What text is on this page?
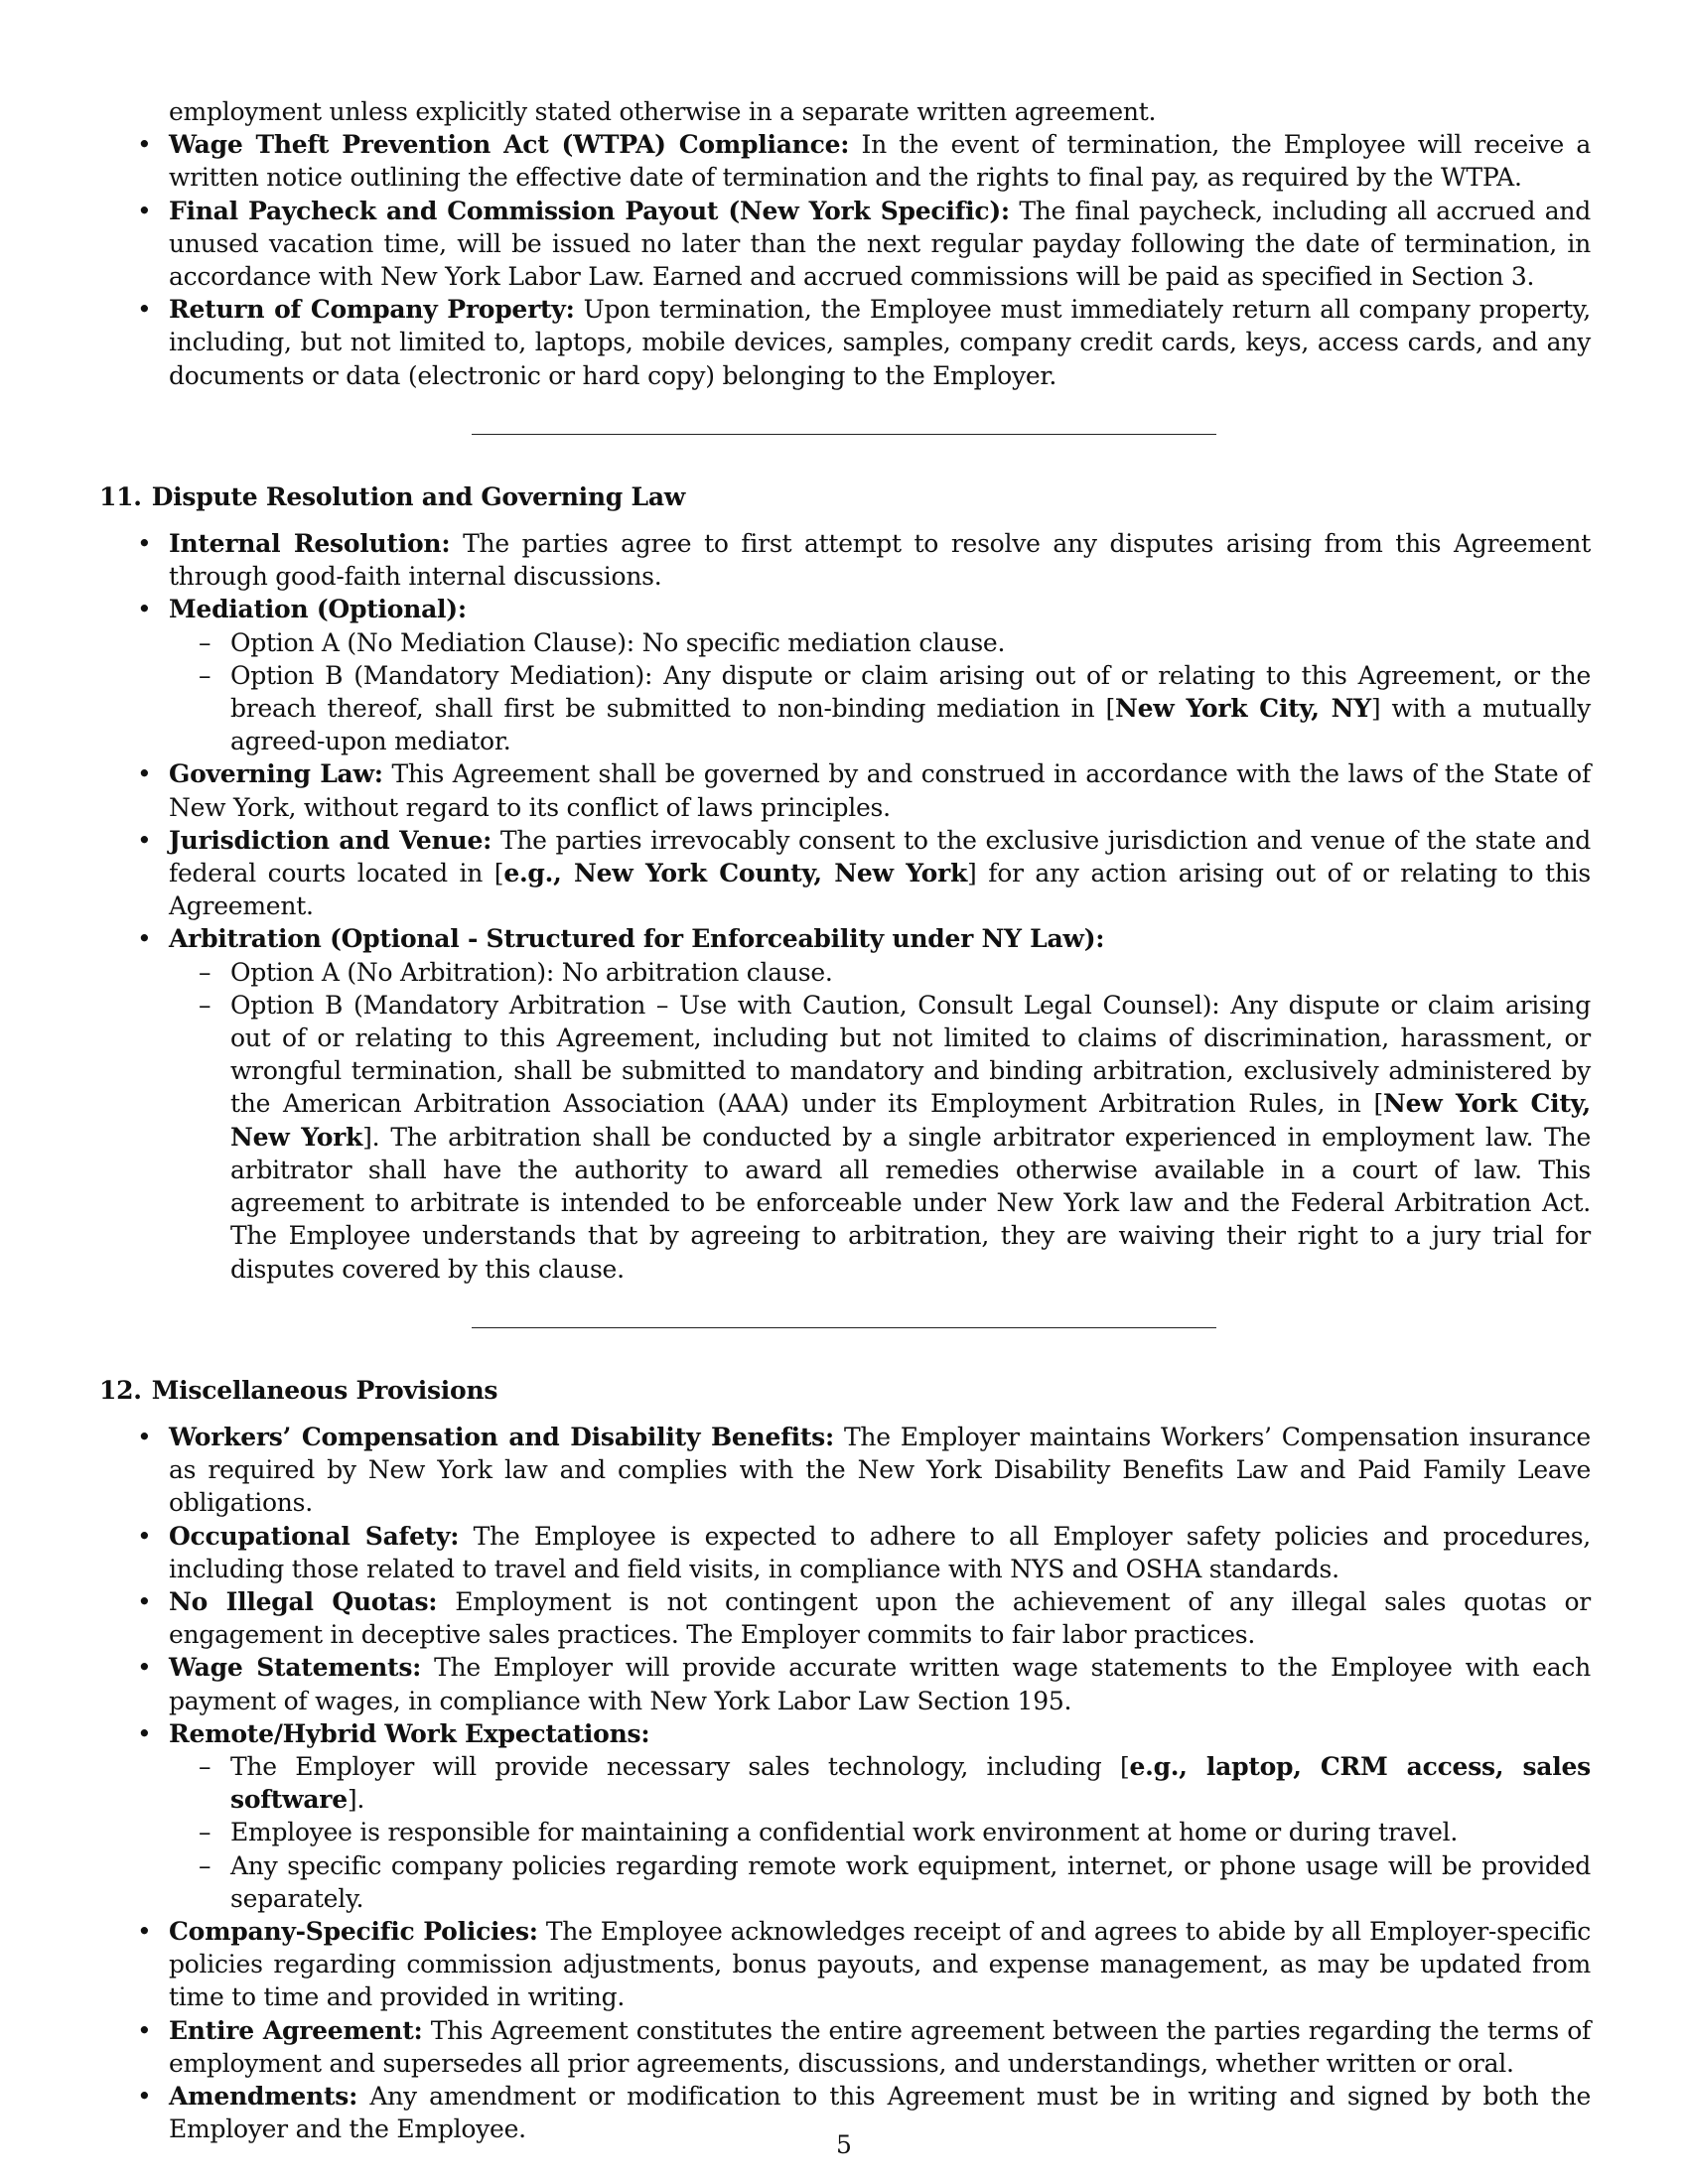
employment unless explicitly stated otherwise in a separate written agreement.
• Wage Theft Prevention Act (WTPA) Compliance: In the event of termination, the Employee will receive a written notice outlining the effective date of termination and the rights to final pay, as required by the WTPA.
• Final Paycheck and Commission Payout (New York Specific): The final paycheck, including all accrued and unused vacation time, will be issued no later than the next regular payday following the date of termination, in accordance with New York Labor Law. Earned and accrued commissions will be paid as specified in Section 3.
• Return of Company Property: Upon termination, the Employee must immediately return all company property, including, but not limited to, laptops, mobile devices, samples, company credit cards, keys, access cards, and any documents or data (electronic or hard copy) belonging to the Employer.
11. Dispute Resolution and Governing Law
• Internal Resolution: The parties agree to first attempt to resolve any disputes arising from this Agreement through good-faith internal discussions.
• Mediation (Optional):
– Option A (No Mediation Clause): No specific mediation clause.
– Option B (Mandatory Mediation): Any dispute or claim arising out of or relating to this Agreement, or the breach thereof, shall first be submitted to non-binding mediation in [New York City, NY] with a mutually agreed-upon mediator.
• Governing Law: This Agreement shall be governed by and construed in accordance with the laws of the State of New York, without regard to its conflict of laws principles.
• Jurisdiction and Venue: The parties irrevocably consent to the exclusive jurisdiction and venue of the state and federal courts located in [e.g., New York County, New York] for any action arising out of or relating to this Agreement.
• Arbitration (Optional - Structured for Enforceability under NY Law):
– Option A (No Arbitration): No arbitration clause.
– Option B (Mandatory Arbitration – Use with Caution, Consult Legal Counsel): Any dispute or claim arising out of or relating to this Agreement, including but not limited to claims of discrimination, harassment, or wrongful termination, shall be submitted to mandatory and binding arbitration, exclusively administered by the American Arbitration Association (AAA) under its Employment Arbitration Rules, in [New York City, New York]. The arbitration shall be conducted by a single arbitrator experienced in employment law. The arbitrator shall have the authority to award all remedies otherwise available in a court of law. This agreement to arbitrate is intended to be enforceable under New York law and the Federal Arbitration Act. The Employee understands that by agreeing to arbitration, they are waiving their right to a jury trial for disputes covered by this clause.
12. Miscellaneous Provisions
• Workers’ Compensation and Disability Benefits: The Employer maintains Workers’ Compensation insurance as required by New York law and complies with the New York Disability Benefits Law and Paid Family Leave obligations.
• Occupational Safety: The Employee is expected to adhere to all Employer safety policies and procedures, including those related to travel and field visits, in compliance with NYS and OSHA standards.
• No Illegal Quotas: Employment is not contingent upon the achievement of any illegal sales quotas or engagement in deceptive sales practices. The Employer commits to fair labor practices.
• Wage Statements: The Employer will provide accurate written wage statements to the Employee with each payment of wages, in compliance with New York Labor Law Section 195.
• Remote/Hybrid Work Expectations:
– The Employer will provide necessary sales technology, including [e.g., laptop, CRM access, sales software].
– Employee is responsible for maintaining a confidential work environment at home or during travel.
– Any specific company policies regarding remote work equipment, internet, or phone usage will be provided separately.
• Company-Specific Policies: The Employee acknowledges receipt of and agrees to abide by all Employer-specific policies regarding commission adjustments, bonus payouts, and expense management, as may be updated from time to time and provided in writing.
• Entire Agreement: This Agreement constitutes the entire agreement between the parties regarding the terms of employment and supersedes all prior agreements, discussions, and understandings, whether written or oral.
• Amendments: Any amendment or modification to this Agreement must be in writing and signed by both the Employer and the Employee.
5
